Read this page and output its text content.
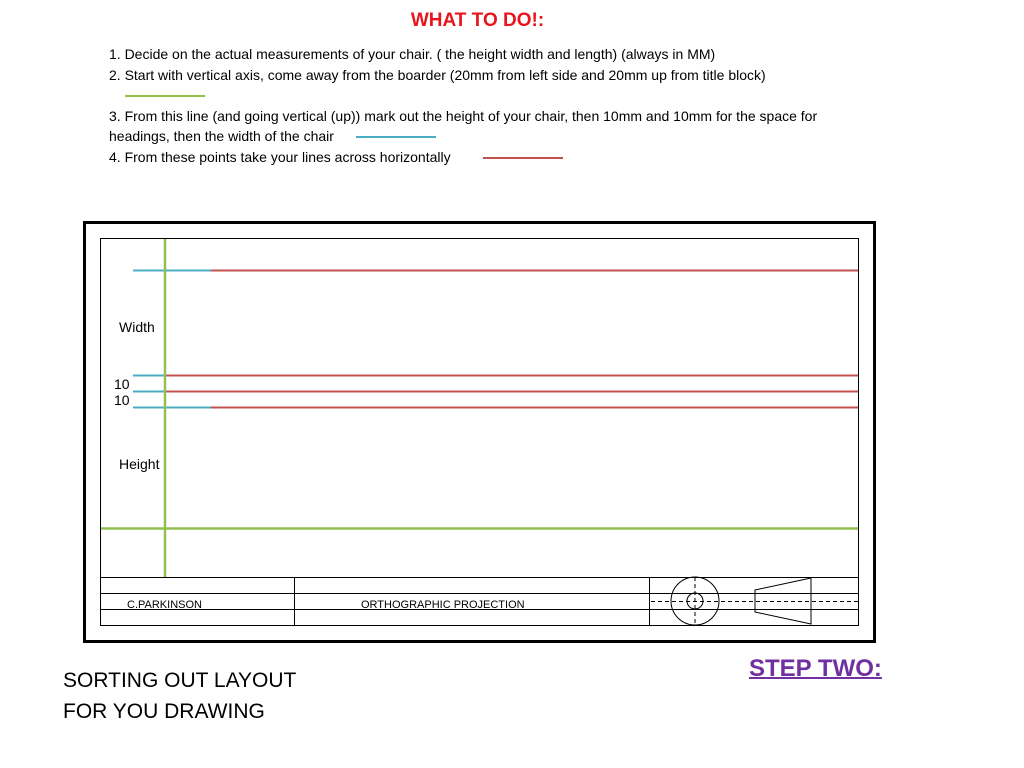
WHAT TO DO!:

1. Decide on the actual measurements of your chair. ( the height width and length) (always in MM)

2. Start with vertical axis, come away from the boarder (20mm from left side and 20mm up from title block)

3. From this line (and going vertical (up)) mark out the height of your chair, then 10mm and 10mm for the space for headings, then the width of the chair

4. From these points take your lines across horizontally

Width
10
10
Height
C.PARKINSON	ORTHOGRAPHIC PROJECTION
SORTING OUT LAYOUT
FOR YOU DRAWING
STEP TWO:
